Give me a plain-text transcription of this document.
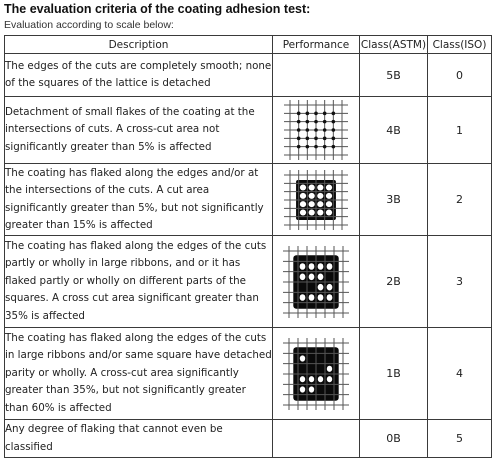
The evaluation criteria of the coating adhesion test:
Evaluation according to scale below:
Description	Performance	Class(ASTM)	Class(ISO)
The edges of the cuts are completely smooth; none of the squares of the lattice is detached		5B	0
Detachment of small flakes of the coating at the intersections of cuts. A cross-cut area not significantly greater than 5% is affected		4B	1
The coating has flaked along the edges and/or at the intersections of the cuts. A cut area significantly greater than 5%, but not significantly greater than 15% is affected		3B	2
The coating has flaked along the edges of the cuts partly or wholly in large ribbons, and or it has flaked partly or wholly on different parts of the squares. A cross cut area significant greater than 35% is affected		2B	3
The coating has flaked along the edges of the cuts in large ribbons and/or same square have detached parity or wholly. A cross-cut area significantly greater than 35%, but not significantly greater than 60% is affected		1B	4
Any degree of flaking that cannot even be classified		0B	5
